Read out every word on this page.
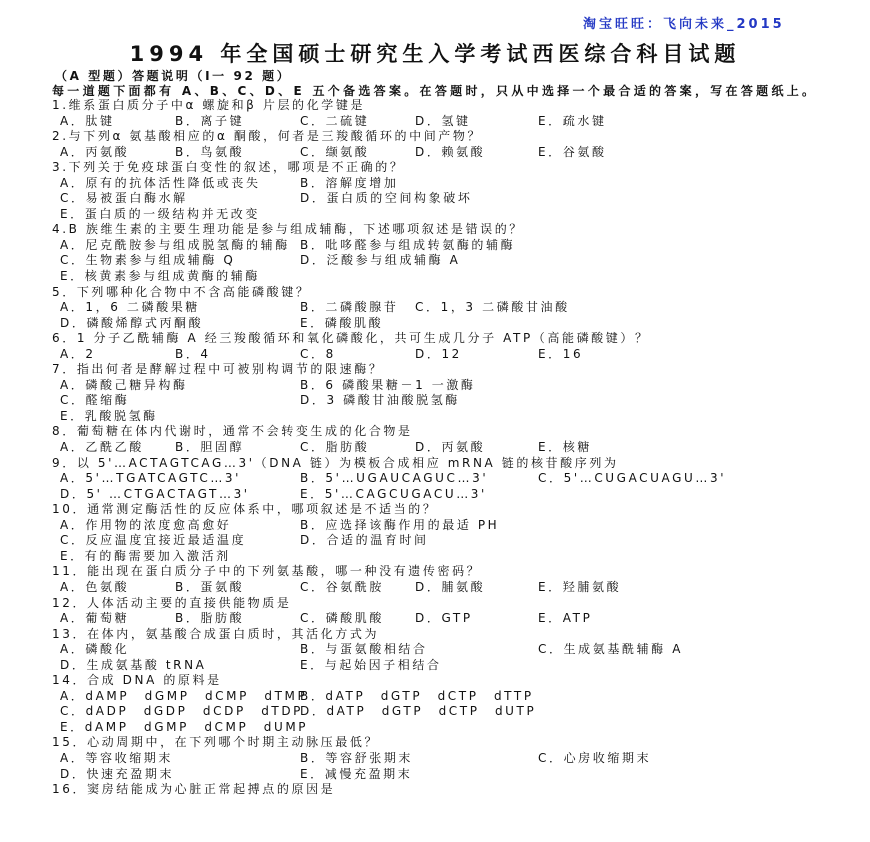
淘宝旺旺：飞向未来_2015
1994 年全国硕士研究生入学考试西医综合科目试题
（A 型题）答题说明（Ⅰ一 92 题）
每一道题下面都有 A、B、C、D、E 五个备选答案。在答题时，只从中选择一个最合适的答案，写在答题纸上。
1.维系蛋白质分子中α 螺旋和β 片层的化学键是
A．肽键	B．离子键	C．二硫键	D．氢键	E．疏水键
2.与下列α 氨基酸相应的α 酮酸，何者是三羧酸循环的中间产物？
A．丙氨酸	B．鸟氨酸	C．缬氨酸	D．赖氨酸	E．谷氨酸
3.下列关于免疫球蛋白变性的叙述，哪项是不正确的？
A．原有的抗体活性降低或丧失	B．溶解度增加
C．易被蛋白酶水解	D．蛋白质的空间构象破坏
E．蛋白质的一级结构并无改变
4.B 族维生素的主要生理功能是参与组成辅酶，下述哪项叙述是错误的？
A．尼克酰胺参与组成脱氢酶的辅酶 B．吡哆醛参与组成转氨酶的辅酶
C．生物素参与组成辅酶 Q	D．泛酸参与组成辅酶 A
E．核黄素参与组成黄酶的辅酶
5．下列哪种化合物中不含高能磷酸键？
A．1，6 二磷酸果糖	B．二磷酸腺苷 C．1，3 二磷酸甘油酸
D．磷酸烯醇式丙酮酸	E．磷酸肌酸
6．1 分子乙酰辅酶 A 经三羧酸循环和氧化磷酸化，共可生成几分子 ATP（高能磷酸键）？
A．2	B．4	C．8	D．12	E．16
7．指出何者是酵解过程中可被别构调节的限速酶？
A．磷酸己糖异构酶	B．6 磷酸果糖－1 一激酶
C．醛缩酶	D．3 磷酸甘油酸脱氢酶
E．乳酸脱氢酶
8．葡萄糖在体内代谢时，通常不会转变生成的化合物是
A．乙酰乙酸	B．胆固醇	C．脂肪酸	D．丙氨酸	E．核糖
9．以 5'…ACTAGTCAG…3'（DNA 链）为模板合成相应 mRNA 链的核苷酸序列为
A．5'…TGATCAGTC…3'	B．5'…UGAUCAGUC…3'	C．5'…CUGACUAGU…3'
D．5' …CTGACTAGT…3'	E．5'…CAGCUGACU…3'
10．通常测定酶活性的反应体系中，哪项叙述是不适当的？
A．作用物的浓度愈高愈好	B．应选择该酶作用的最适 PH
C．反应温度宜接近最适温度	D．合适的温育时间
E．有的酶需要加入激活剂
11．能出现在蛋白质分子中的下列氨基酸，哪一种没有遗传密码？
A．色氨酸	B．蛋氨酸	C．谷氨酰胺	D．脯氨酸	E．羟脯氨酸
12．人体活动主要的直接供能物质是
A．葡萄糖	B．脂肪酸	C．磷酸肌酸	D．GTP	E．ATP
13．在体内，氨基酸合成蛋白质时，其活化方式为
A．磷酸化	B．与蛋氨酸相结合	C．生成氨基酰辅酶 A
D．生成氨基酸 tRNA	E．与起始因子相结合
14．合成 DNA 的原料是
A．dAMP dGMP dCMP dTMP
B．dATP dGTP dCTP dTTP
C．dADP dGDP dCDP dTDP
D．dATP dGTP dCTP dUTP
E．dAMP dGMP dCMP dUMP
15．心动周期中，在下列哪个时期主动脉压最低？
A．等容收缩期末	B．等容舒张期末	C．心房收缩期末
D．快速充盈期末	E．减慢充盈期末
16．窦房结能成为心脏正常起搏点的原因是
